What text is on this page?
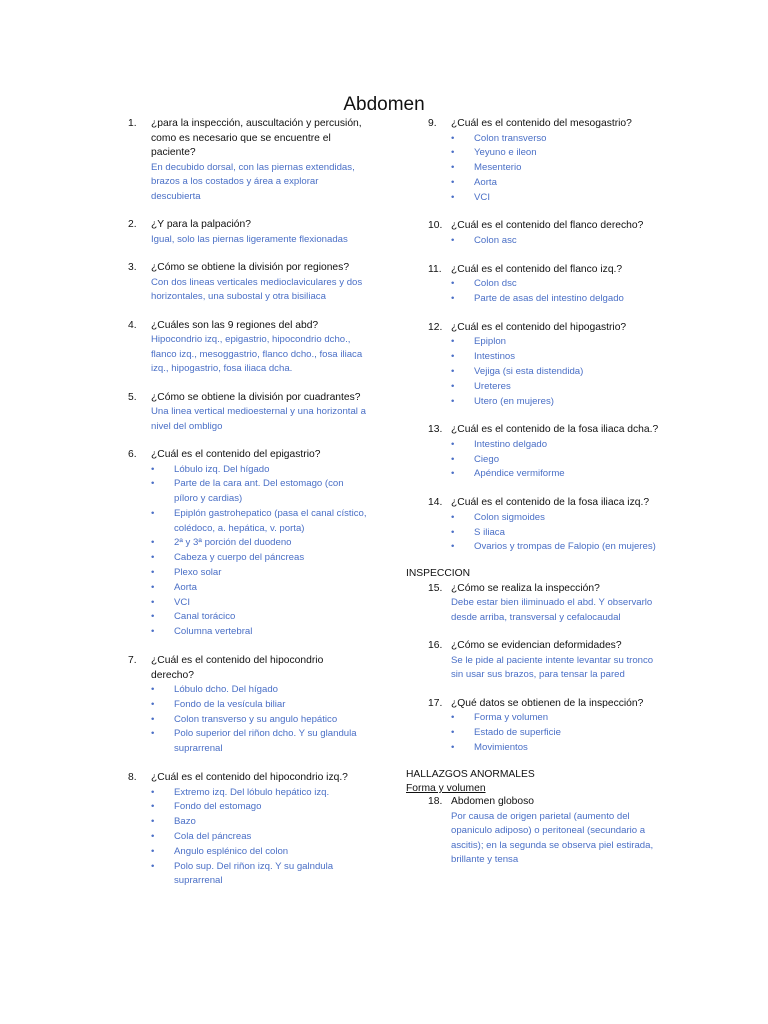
Abdomen
1.	¿para la inspección, auscultación y percusión, como es necesario que se encuentre el paciente?
En decubido dorsal, con las piernas extendidas, brazos a los costados y área a explorar descubierta
2.	¿Y para la palpación?
Igual, solo las piernas ligeramente flexionadas
3.	¿Cómo se obtiene la división por regiones?
Con dos lineas verticales medioclaviculares y dos horizontales, una subostal y otra bisiliaca
4.	¿Cuáles son las 9 regiones del abd?
Hipocondrio izq., epigastrio, hipocondrio dcho., flanco izq., mesoggastrio, flanco dcho., fosa iliaca izq., hipogastrio, fosa iliaca dcha.
5.	¿Cómo se obtiene la división por cuadrantes?
Una linea vertical medioesternal y una horizontal a nivel del ombligo
6.	¿Cuál es el contenido del epigastrio?
• Lóbulo izq. Del hígado
• Parte de la cara ant. Del estomago (con píloro y cardias)
• Epiplón gastrohepatico (pasa el canal cístico, colédoco, a. hepática, v. porta)
• 2ª y 3ª porción del duodeno
• Cabeza y cuerpo del páncreas
• Plexo solar
• Aorta
• VCI
• Canal torácico
• Columna vertebral
7.	¿Cuál es el contenido del hipocondrio derecho?
• Lóbulo dcho. Del hígado
• Fondo de la vesícula biliar
• Colon transverso y su angulo hepático
• Polo superior del riñon dcho. Y su glandula suprarrenal
8.	¿Cuál es el contenido del hipocondrio izq.?
• Extremo izq. Del lóbulo hepático izq.
• Fondo del estomago
• Bazo
• Cola del páncreas
• Angulo esplénico del colon
• Polo sup. Del riñon izq. Y su galndula suprarrenal
9.	¿Cuál es el contenido del mesogastrio?
• Colon transverso
• Yeyuno e ileon
• Mesenterio
• Aorta
• VCI
10. ¿Cuál es el contenido del flanco derecho?
• Colon asc
11. ¿Cuál es el contenido del flanco izq.?
• Colon dsc
• Parte de asas del intestino delgado
12. ¿Cuál es el contenido del hipogastrio?
• Epiplon
• Intestinos
• Vejiga (si esta distendida)
• Ureteres
• Utero (en mujeres)
13. ¿Cuál es el contenido de la fosa iliaca dcha.?
• Intestino delgado
• Ciego
• Apéndice vermiforme
14. ¿Cuál es el contenido de la fosa iliaca izq.?
• Colon sigmoides
• S iliaca
• Ovarios y trompas de Falopio (en mujeres)
INSPECCION
15. ¿Cómo se realiza la inspección?
Debe estar bien iliminuado el abd. Y observarlo desde arriba, transversal y cefalocaudal
16. ¿Cómo se evidencian deformidades?
Se le pide al paciente intente levantar su tronco sin usar sus brazos, para tensar la pared
17. ¿Qué datos se obtienen de la inspección?
• Forma y volumen
• Estado de superficie
• Movimientos
HALLAZGOS ANORMALES
Forma y volumen
18. Abdomen globoso
Por causa de origen parietal (aumento del opaniculo adiposo) o peritoneal (secundario a ascitis); en la segunda se observa piel estirada, brillante y tensa
